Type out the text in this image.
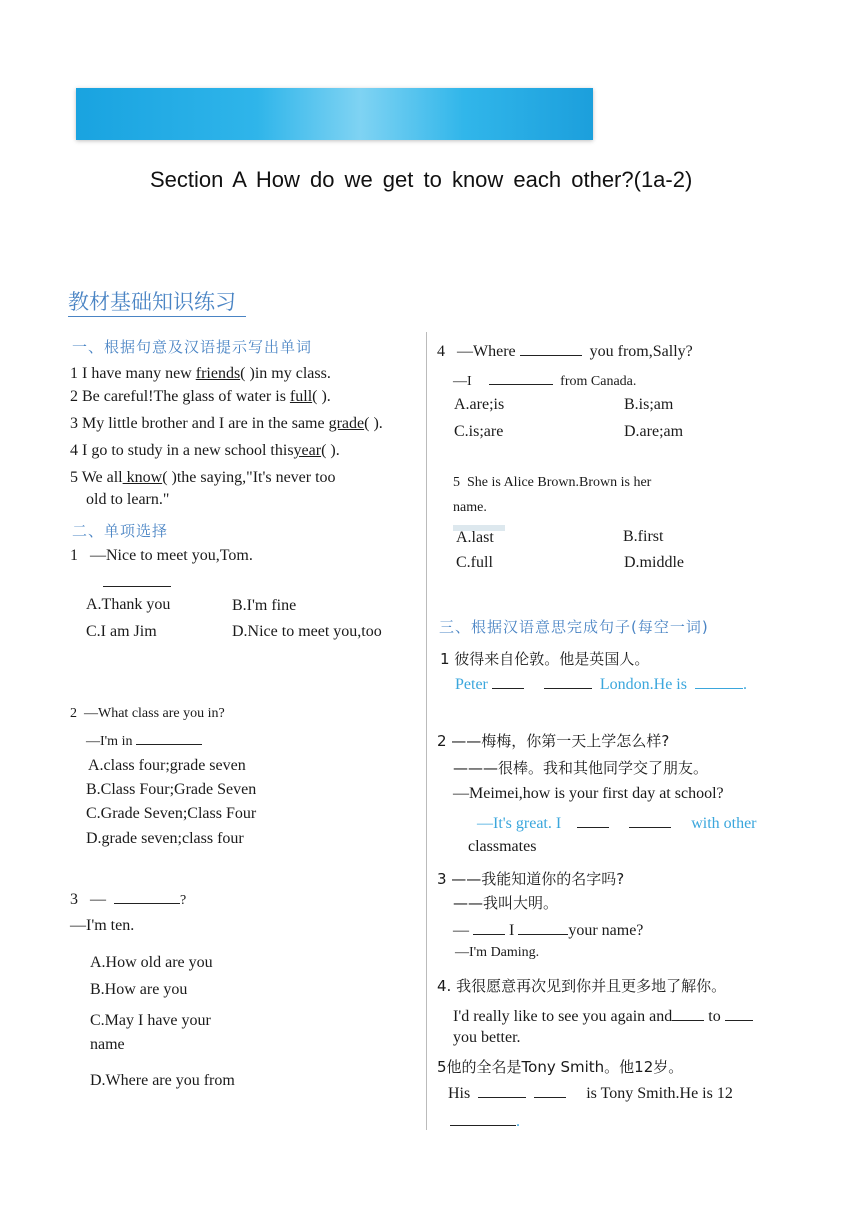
Section A How do we get to know each other?(1a-2)
教材基础知识练习
一、根据句意及汉语提示写出单词
1 I have many new friends( )in my class.
2 Be careful!The glass of water is full( ).
3 My little brother and I are in the same grade( ).
4 I go to study in a new school thisyear( ).
5 We all know( )the saying,"It's never too
old to learn."
二、单项选择
1 —Nice to meet you,Tom.
A.Thank you	B.I'm fine
C.I am Jim	D.Nice to meet you,too
2 —What class are you in?
—I'm in
A.class four;grade seven
B.Class Four;Grade Seven
C.Grade Seven;Class Four
D.grade seven;class four
3 —	?
—I'm ten.
A.How old are you
B.How are you
C.May I have your
name
D.Where are you from
4 —Where	you from,Sally?
—I	from Canada.
A.are;is	B.is;am
C.is;are	D.are;am
5 She is Alice Brown.Brown is her
name.
A.last	B.first
C.full	D.middle
三、根据汉语意思完成句子(每空一词)
1 彼得来自伦敦。他是英国人。
Peter	London.He is	.
2 ——梅梅，你第一天上学怎么样?
———很棒。我和其他同学交了朋友。
—Meimei,how is your first day at school?
—It's great. I	with other
classmates
3 ——我能知道你的名字吗?
——我叫大明。
—	I	your name?
—I'm Daming.
4. 我很愿意再次见到你并且更多地了解你。
I'd really like to see you again and to
you better.
5他的全名是Tony Smith。他12岁。
His	is Tony Smith.He is 12
.
